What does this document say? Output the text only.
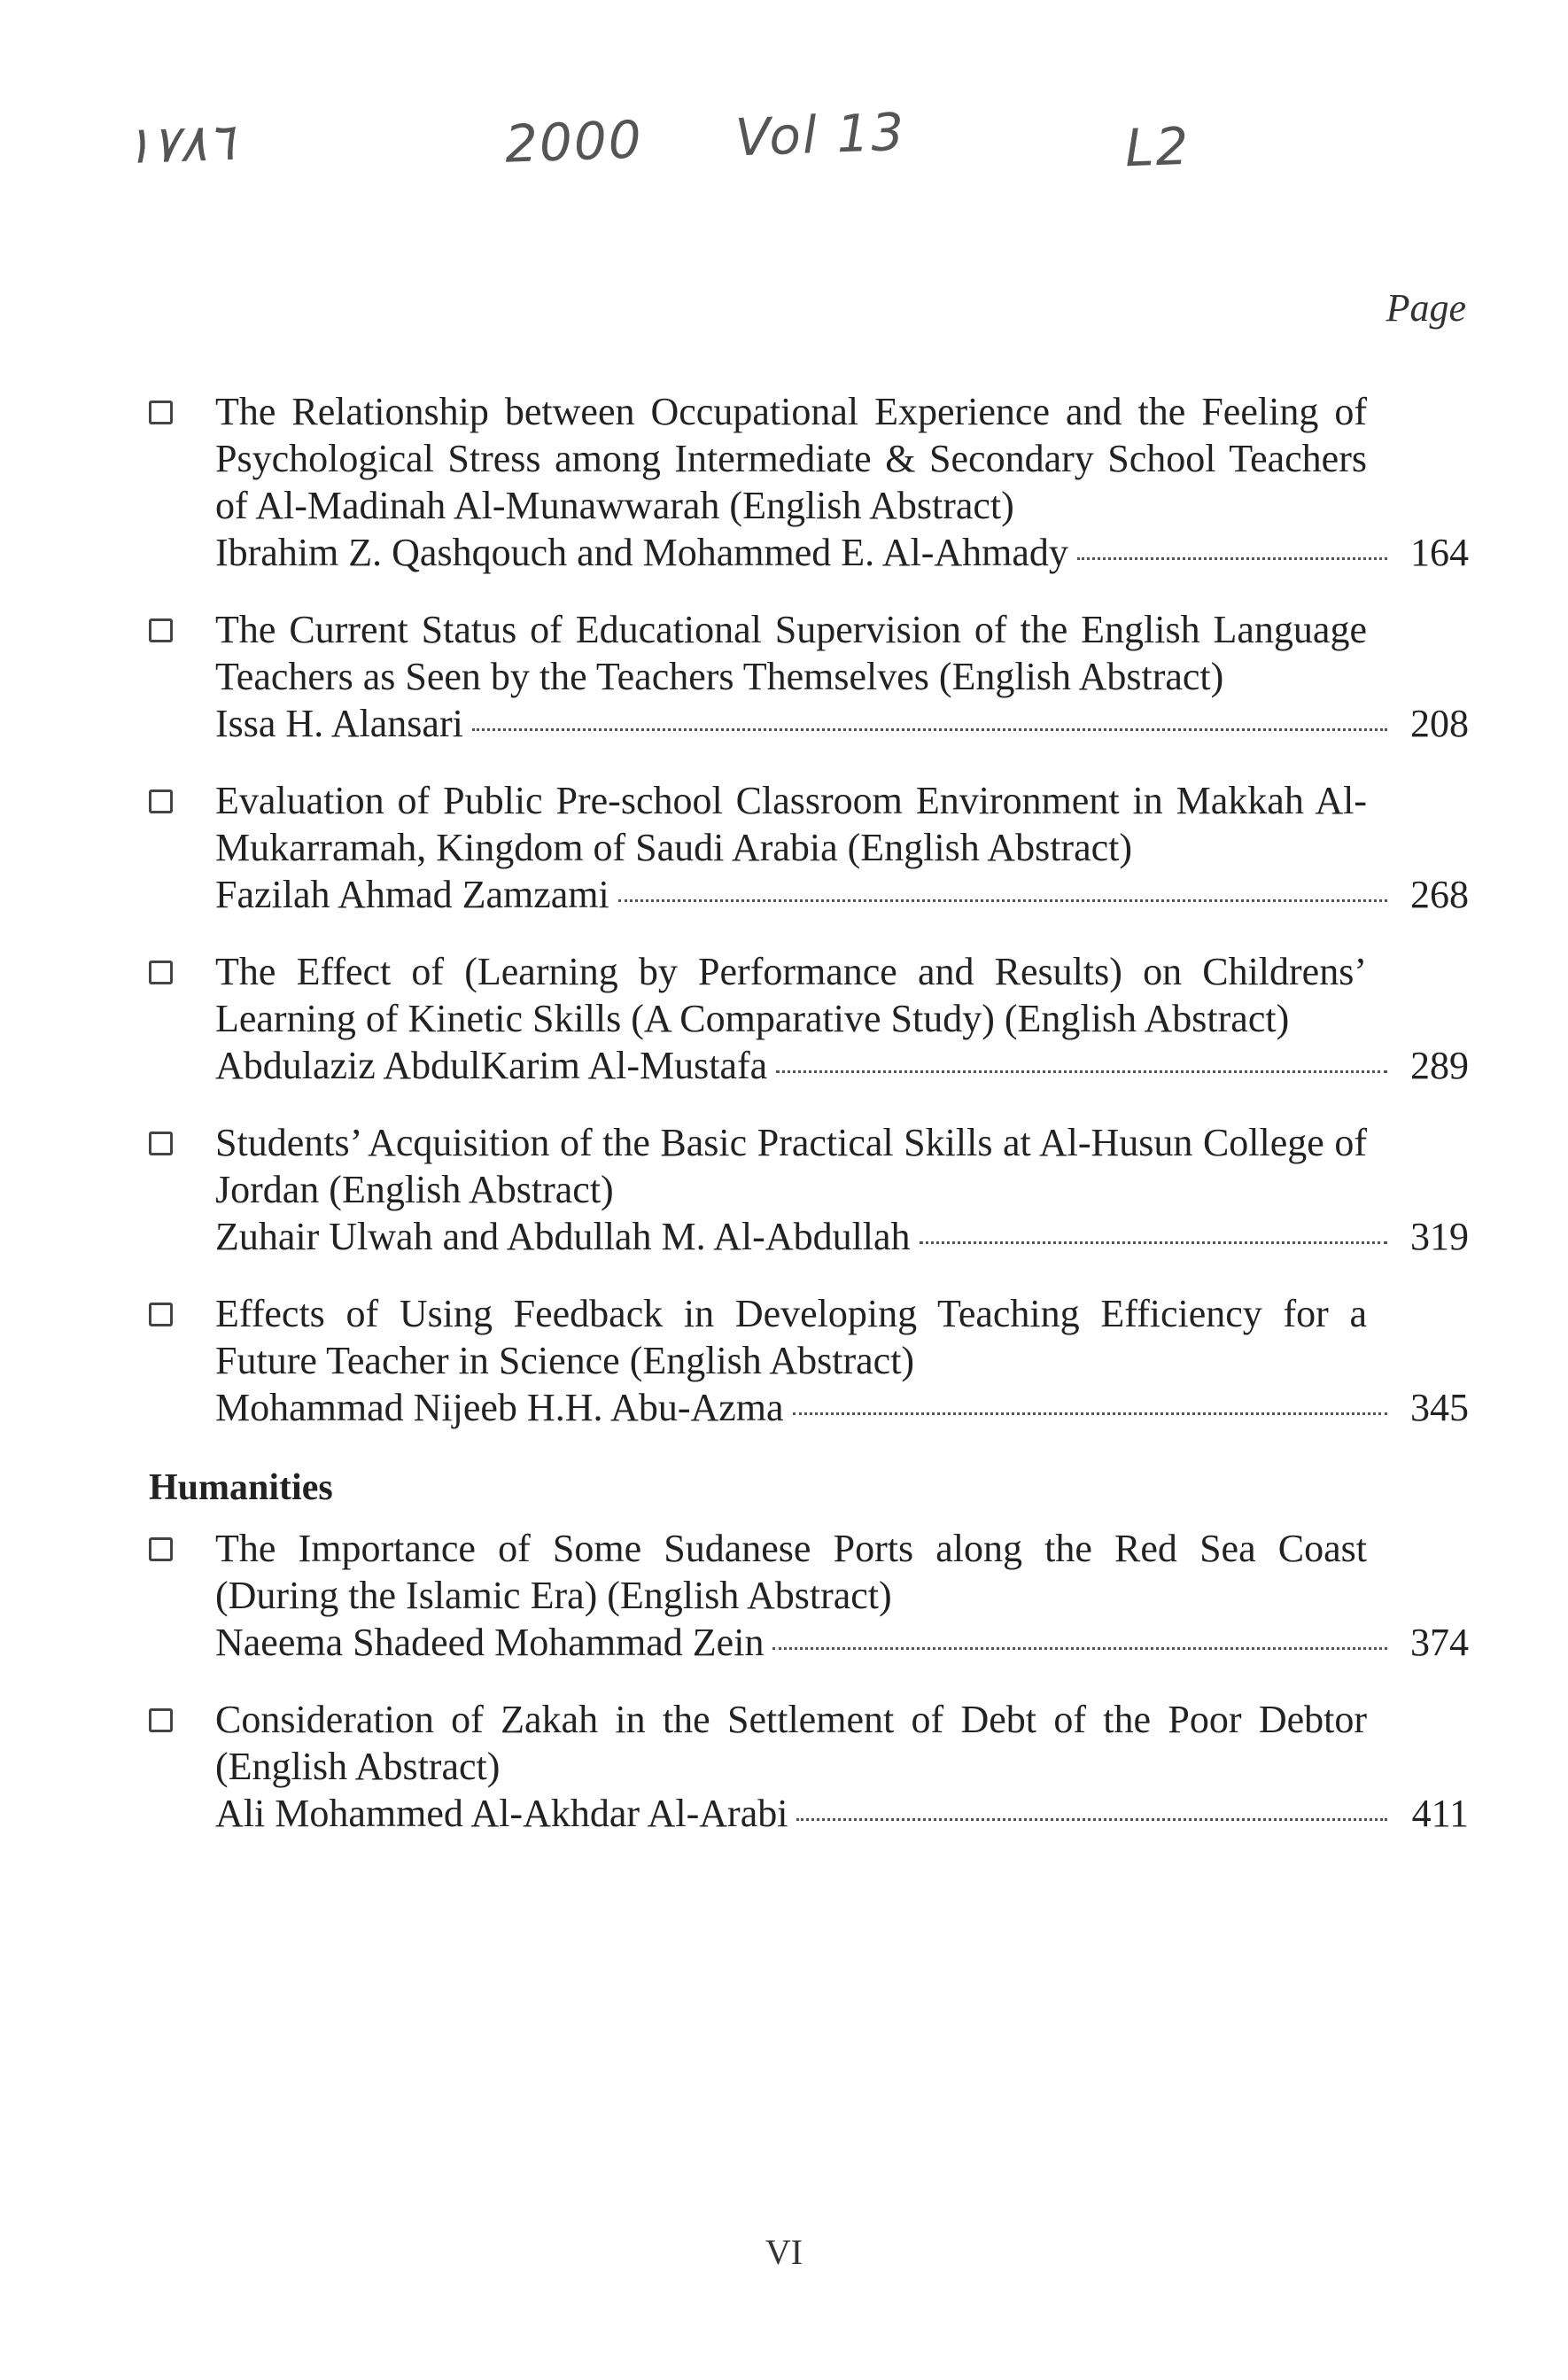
١٧٨٦	2000 Vol 13	L2
Page

The Relationship between Occupational Experience and the Feeling of Psychological Stress among Intermediate & Secondary School Teachers of Al-Madinah Al-Munawwarah (English Abstract)

Ibrahim Z. Qashqouch and Mohammed E. Al-Ahmady	164

The Current Status of Educational Supervision of the English Language Teachers as Seen by the Teachers Themselves (English Abstract)

Issa H. Alansari	208

Evaluation of Public Pre-school Classroom Environment in Makkah Al-Mukarramah, Kingdom of Saudi Arabia (English Abstract)

Fazilah Ahmad Zamzami	268

The Effect of (Learning by Performance and Results) on Childrens’ Learning of Kinetic Skills (A Comparative Study) (English Abstract)

Abdulaziz AbdulKarim Al-Mustafa	289

Students’ Acquisition of the Basic Practical Skills at Al-Husun College of Jordan (English Abstract)

Zuhair Ulwah and Abdullah M. Al-Abdullah	319

Effects of Using Feedback in Developing Teaching Efficiency for a Future Teacher in Science (English Abstract)

Mohammad Nijeeb H.H. Abu-Azma	345
Humanities

The Importance of Some Sudanese Ports along the Red Sea Coast (During the Islamic Era) (English Abstract)

Naeema Shadeed Mohammad Zein	374

Consideration of Zakah in the Settlement of Debt of the Poor Debtor (English Abstract)

Ali Mohammed Al-Akhdar Al-Arabi	411
VI
